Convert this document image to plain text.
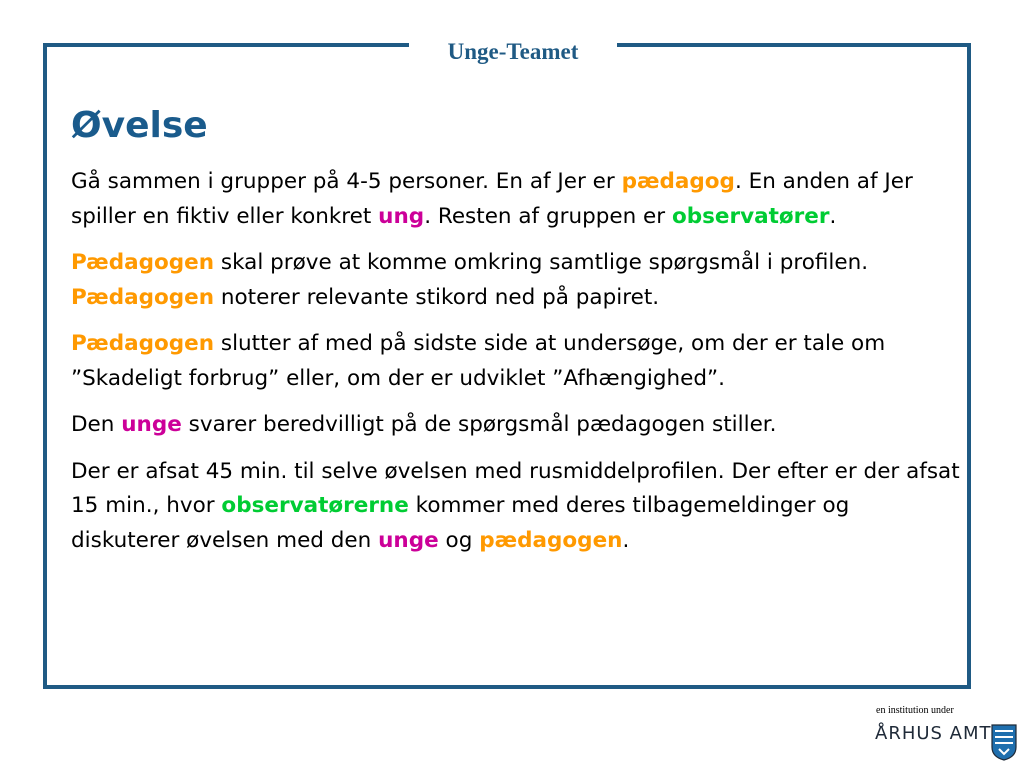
Unge-Teamet
Øvelse

Gå sammen i grupper på 4-5 personer. En af Jer er pædagog. En anden af Jer spiller en fiktiv eller konkret ung. Resten af gruppen er observatører.

Pædagogen skal prøve at komme omkring samtlige spørgsmål i profilen. Pædagogen noterer relevante stikord ned på papiret.

Pædagogen slutter af med på sidste side at undersøge, om der er tale om ”Skadeligt forbrug” eller, om der er udviklet ”Afhængighed”.

Den unge svarer beredvilligt på de spørgsmål pædagogen stiller.

Der er afsat 45 min. til selve øvelsen med rusmiddelprofilen. Der efter er der afsat 15 min., hvor observatørerne kommer med deres tilbagemeldinger og diskuterer øvelsen med den unge og pædagogen.

en institution under
ÅRHUS AMT
